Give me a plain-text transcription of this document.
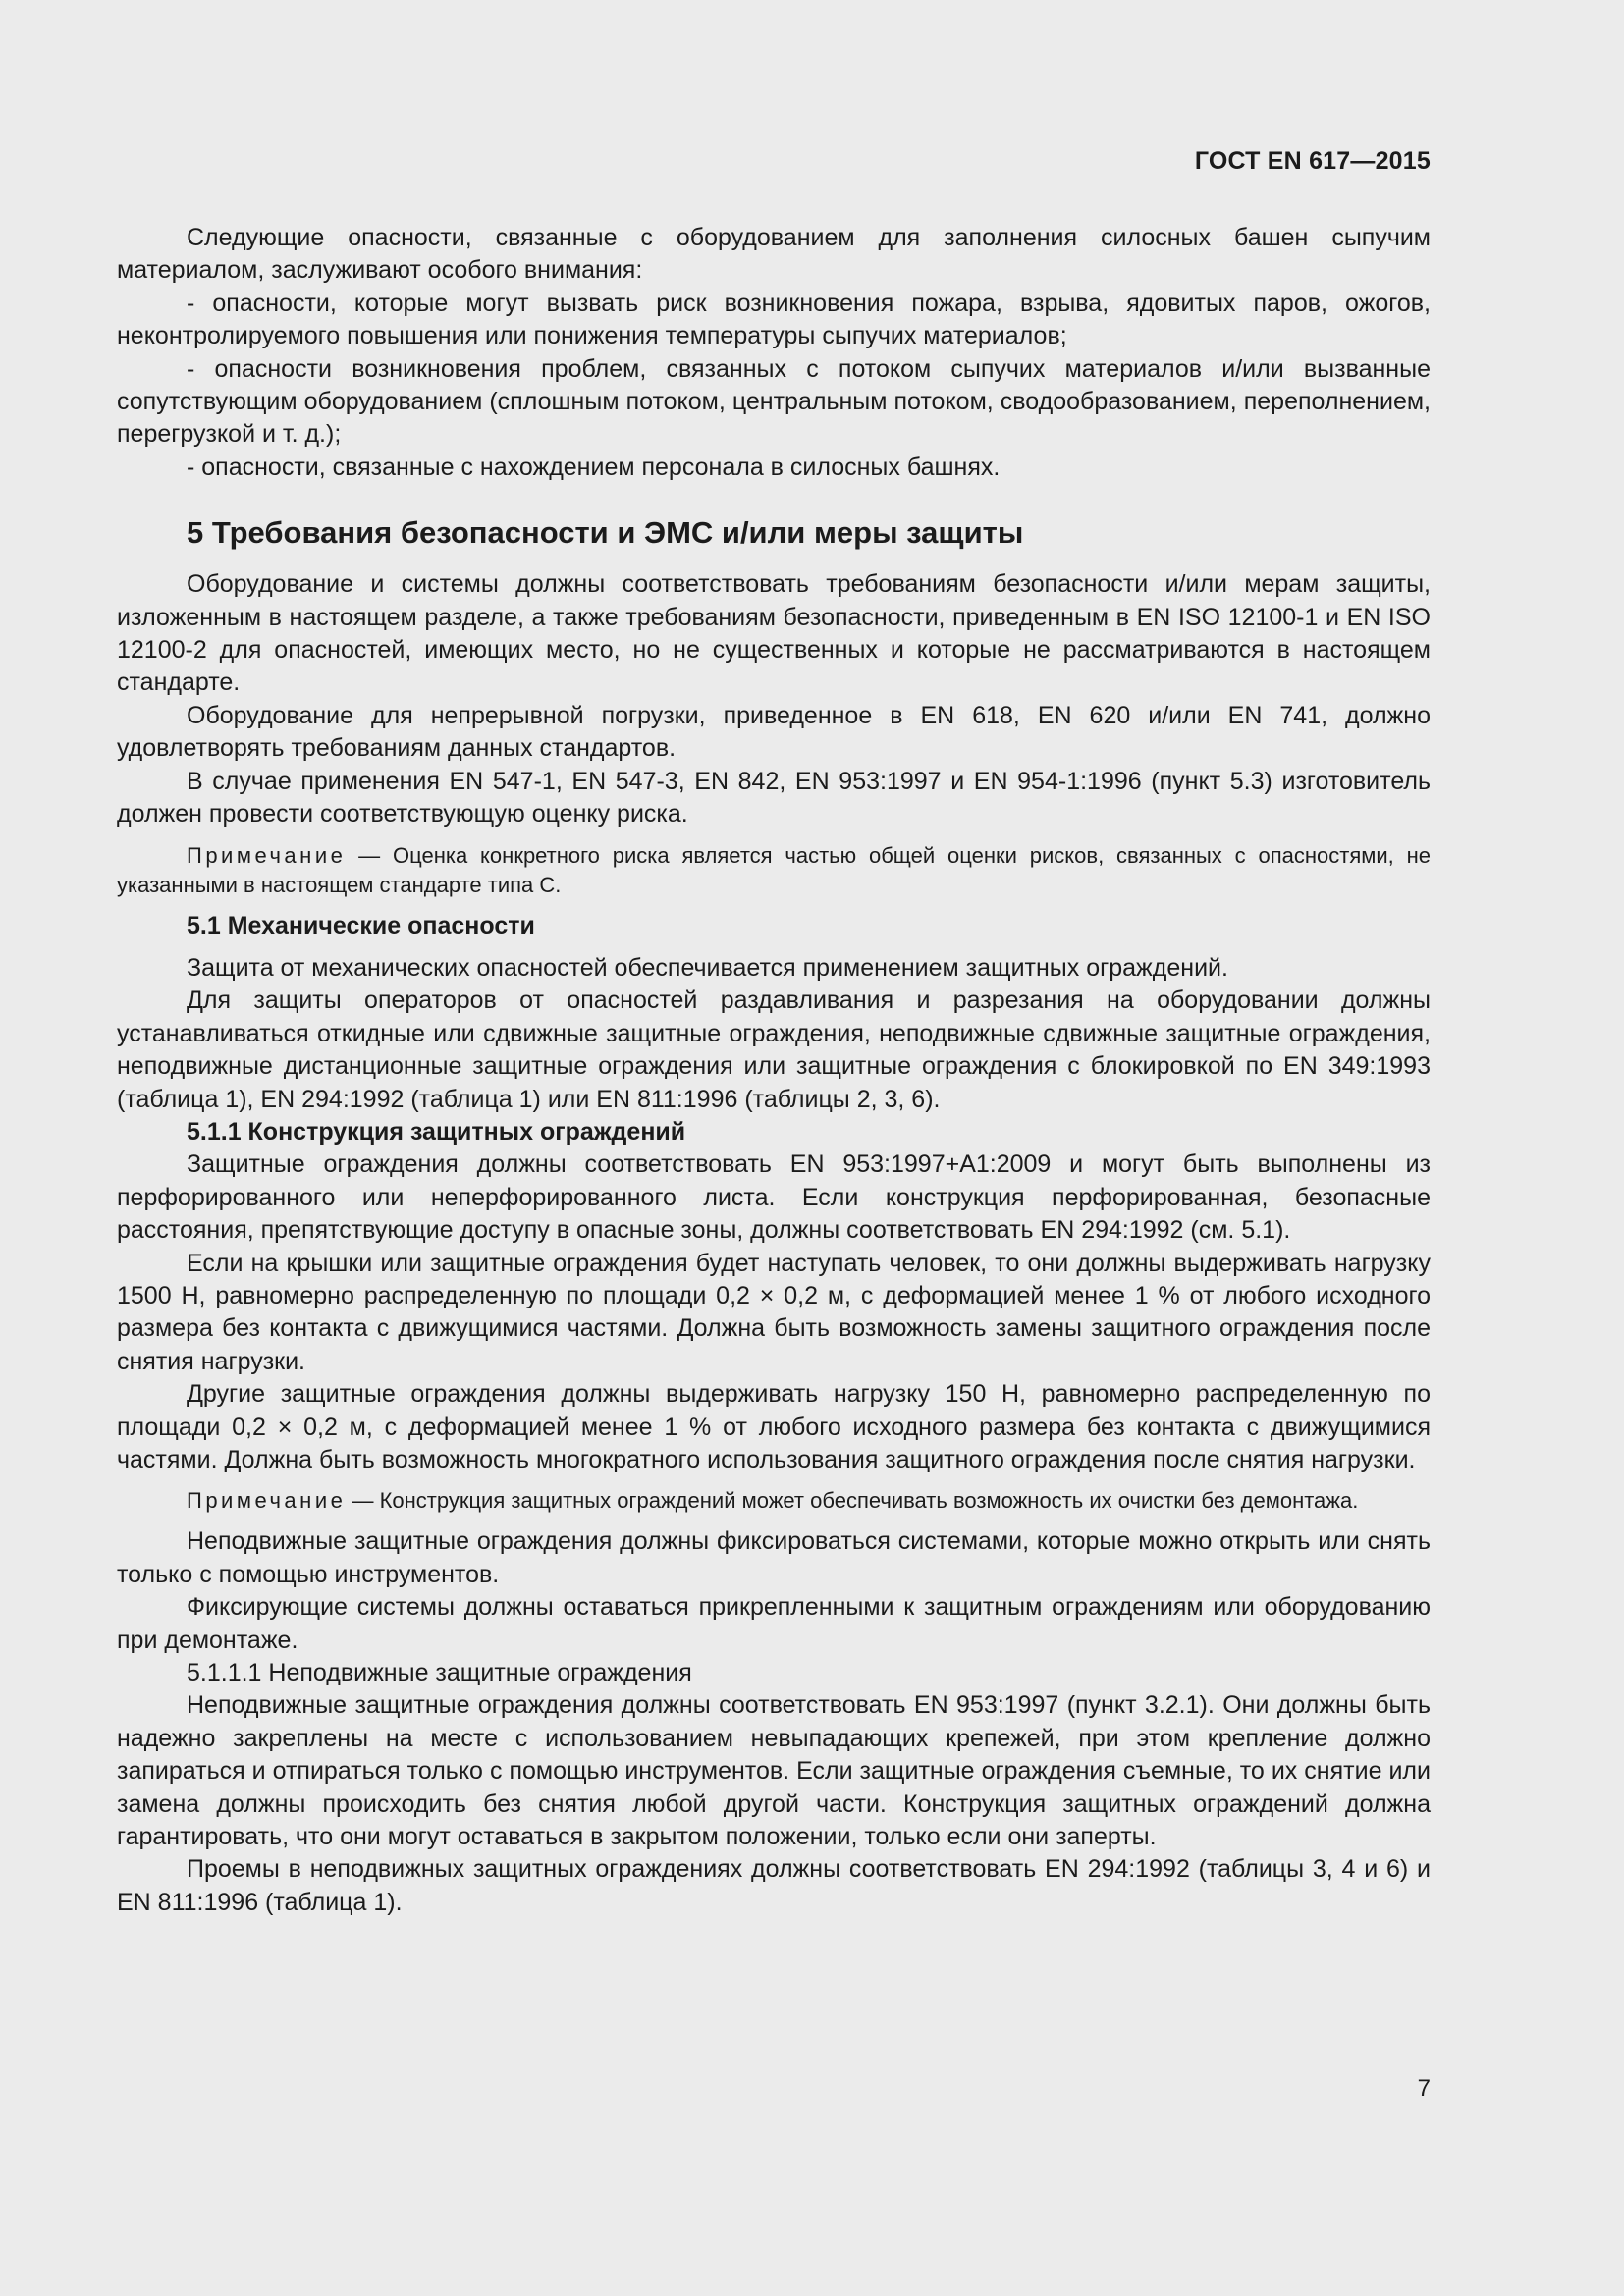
ГОСТ EN 617—2015

Следующие опасности, связанные с оборудованием для заполнения силосных башен сыпучим материалом, заслуживают особого внимания:

- опасности, которые могут вызвать риск возникновения пожара, взрыва, ядовитых паров, ожогов, неконтролируемого повышения или понижения температуры сыпучих материалов;

- опасности возникновения проблем, связанных с потоком сыпучих материалов и/или вызванные сопутствующим оборудованием (сплошным потоком, центральным потоком, сводообразованием, переполнением, перегрузкой и т. д.);

- опасности, связанные с нахождением персонала в силосных башнях.

5 Требования безопасности и ЭМС и/или меры защиты

Оборудование и системы должны соответствовать требованиям безопасности и/или мерам защиты, изложенным в настоящем разделе, а также требованиям безопасности, приведенным в EN ISO 12100-1 и EN ISO 12100-2 для опасностей, имеющих место, но не существенных и которые не рассматриваются в настоящем стандарте.

Оборудование для непрерывной погрузки, приведенное в EN 618, EN 620 и/или EN 741, должно удовлетворять требованиям данных стандартов.

В случае применения EN 547-1, EN 547-3, EN 842, EN 953:1997 и EN 954-1:1996 (пункт 5.3) изготовитель должен провести соответствующую оценку риска.

Примечание — Оценка конкретного риска является частью общей оценки рисков, связанных с опасностями, не указанными в настоящем стандарте типа С.

5.1 Механические опасности

Защита от механических опасностей обеспечивается применением защитных ограждений.

Для защиты операторов от опасностей раздавливания и разрезания на оборудовании должны устанавливаться откидные или сдвижные защитные ограждения, неподвижные сдвижные защитные ограждения, неподвижные дистанционные защитные ограждения или защитные ограждения с блокировкой по EN 349:1993 (таблица 1), EN 294:1992 (таблица 1) или EN 811:1996 (таблицы 2, 3, 6).

5.1.1 Конструкция защитных ограждений

Защитные ограждения должны соответствовать EN 953:1997+A1:2009 и могут быть выполнены из перфорированного или неперфорированного листа. Если конструкция перфорированная, безопасные расстояния, препятствующие доступу в опасные зоны, должны соответствовать EN 294:1992 (см. 5.1).

Если на крышки или защитные ограждения будет наступать человек, то они должны выдерживать нагрузку 1500 Н, равномерно распределенную по площади 0,2 × 0,2 м, с деформацией менее 1 % от любого исходного размера без контакта с движущимися частями. Должна быть возможность замены защитного ограждения после снятия нагрузки.

Другие защитные ограждения должны выдерживать нагрузку 150 Н, равномерно распределенную по площади 0,2 × 0,2 м, с деформацией менее 1 % от любого исходного размера без контакта с движущимися частями. Должна быть возможность многократного использования защитного ограждения после снятия нагрузки.

Примечание — Конструкция защитных ограждений может обеспечивать возможность их очистки без демонтажа.

Неподвижные защитные ограждения должны фиксироваться системами, которые можно открыть или снять только с помощью инструментов.

Фиксирующие системы должны оставаться прикрепленными к защитным ограждениям или оборудованию при демонтаже.

5.1.1.1 Неподвижные защитные ограждения

Неподвижные защитные ограждения должны соответствовать EN 953:1997 (пункт 3.2.1). Они должны быть надежно закреплены на месте с использованием невыпадающих крепежей, при этом крепление должно запираться и отпираться только с помощью инструментов. Если защитные ограждения съемные, то их снятие или замена должны происходить без снятия любой другой части. Конструкция защитных ограждений должна гарантировать, что они могут оставаться в закрытом положении, только если они заперты.

Проемы в неподвижных защитных ограждениях должны соответствовать EN 294:1992 (таблицы 3, 4 и 6) и EN 811:1996 (таблица 1).

7
